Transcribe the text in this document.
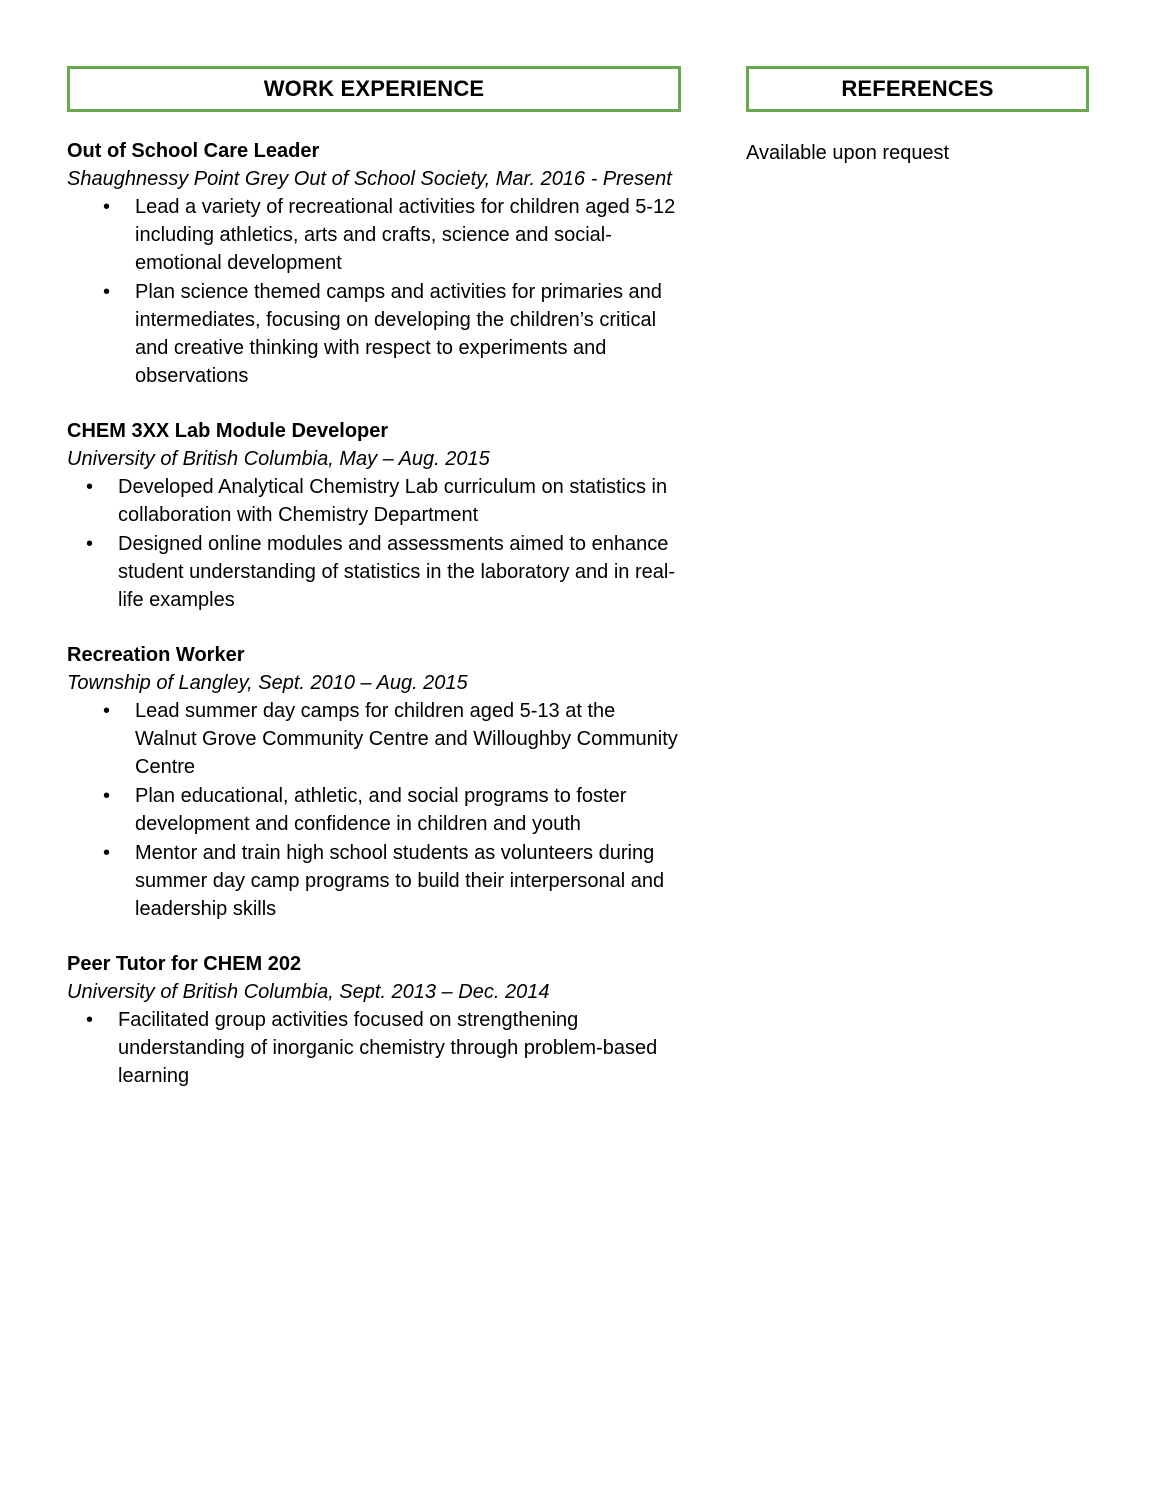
WORK EXPERIENCE
Out of School Care Leader
Shaughnessy Point Grey Out of School Society, Mar. 2016 - Present
• Lead a variety of recreational activities for children aged 5-12 including athletics, arts and crafts, science and social-emotional development
• Plan science themed camps and activities for primaries and intermediates, focusing on developing the children’s critical and creative thinking with respect to experiments and observations
CHEM 3XX Lab Module Developer
University of British Columbia, May – Aug. 2015
• Developed Analytical Chemistry Lab curriculum on statistics in collaboration with Chemistry Department
• Designed online modules and assessments aimed to enhance student understanding of statistics in the laboratory and in real-life examples
Recreation Worker
Township of Langley, Sept. 2010 – Aug. 2015
• Lead summer day camps for children aged 5-13 at the Walnut Grove Community Centre and Willoughby Community Centre
• Plan educational, athletic, and social programs to foster development and confidence in children and youth
• Mentor and train high school students as volunteers during summer day camp programs to build their interpersonal and leadership skills
Peer Tutor for CHEM 202
University of British Columbia, Sept. 2013 – Dec. 2014
• Facilitated group activities focused on strengthening understanding of inorganic chemistry through problem-based learning
REFERENCES
Available upon request
